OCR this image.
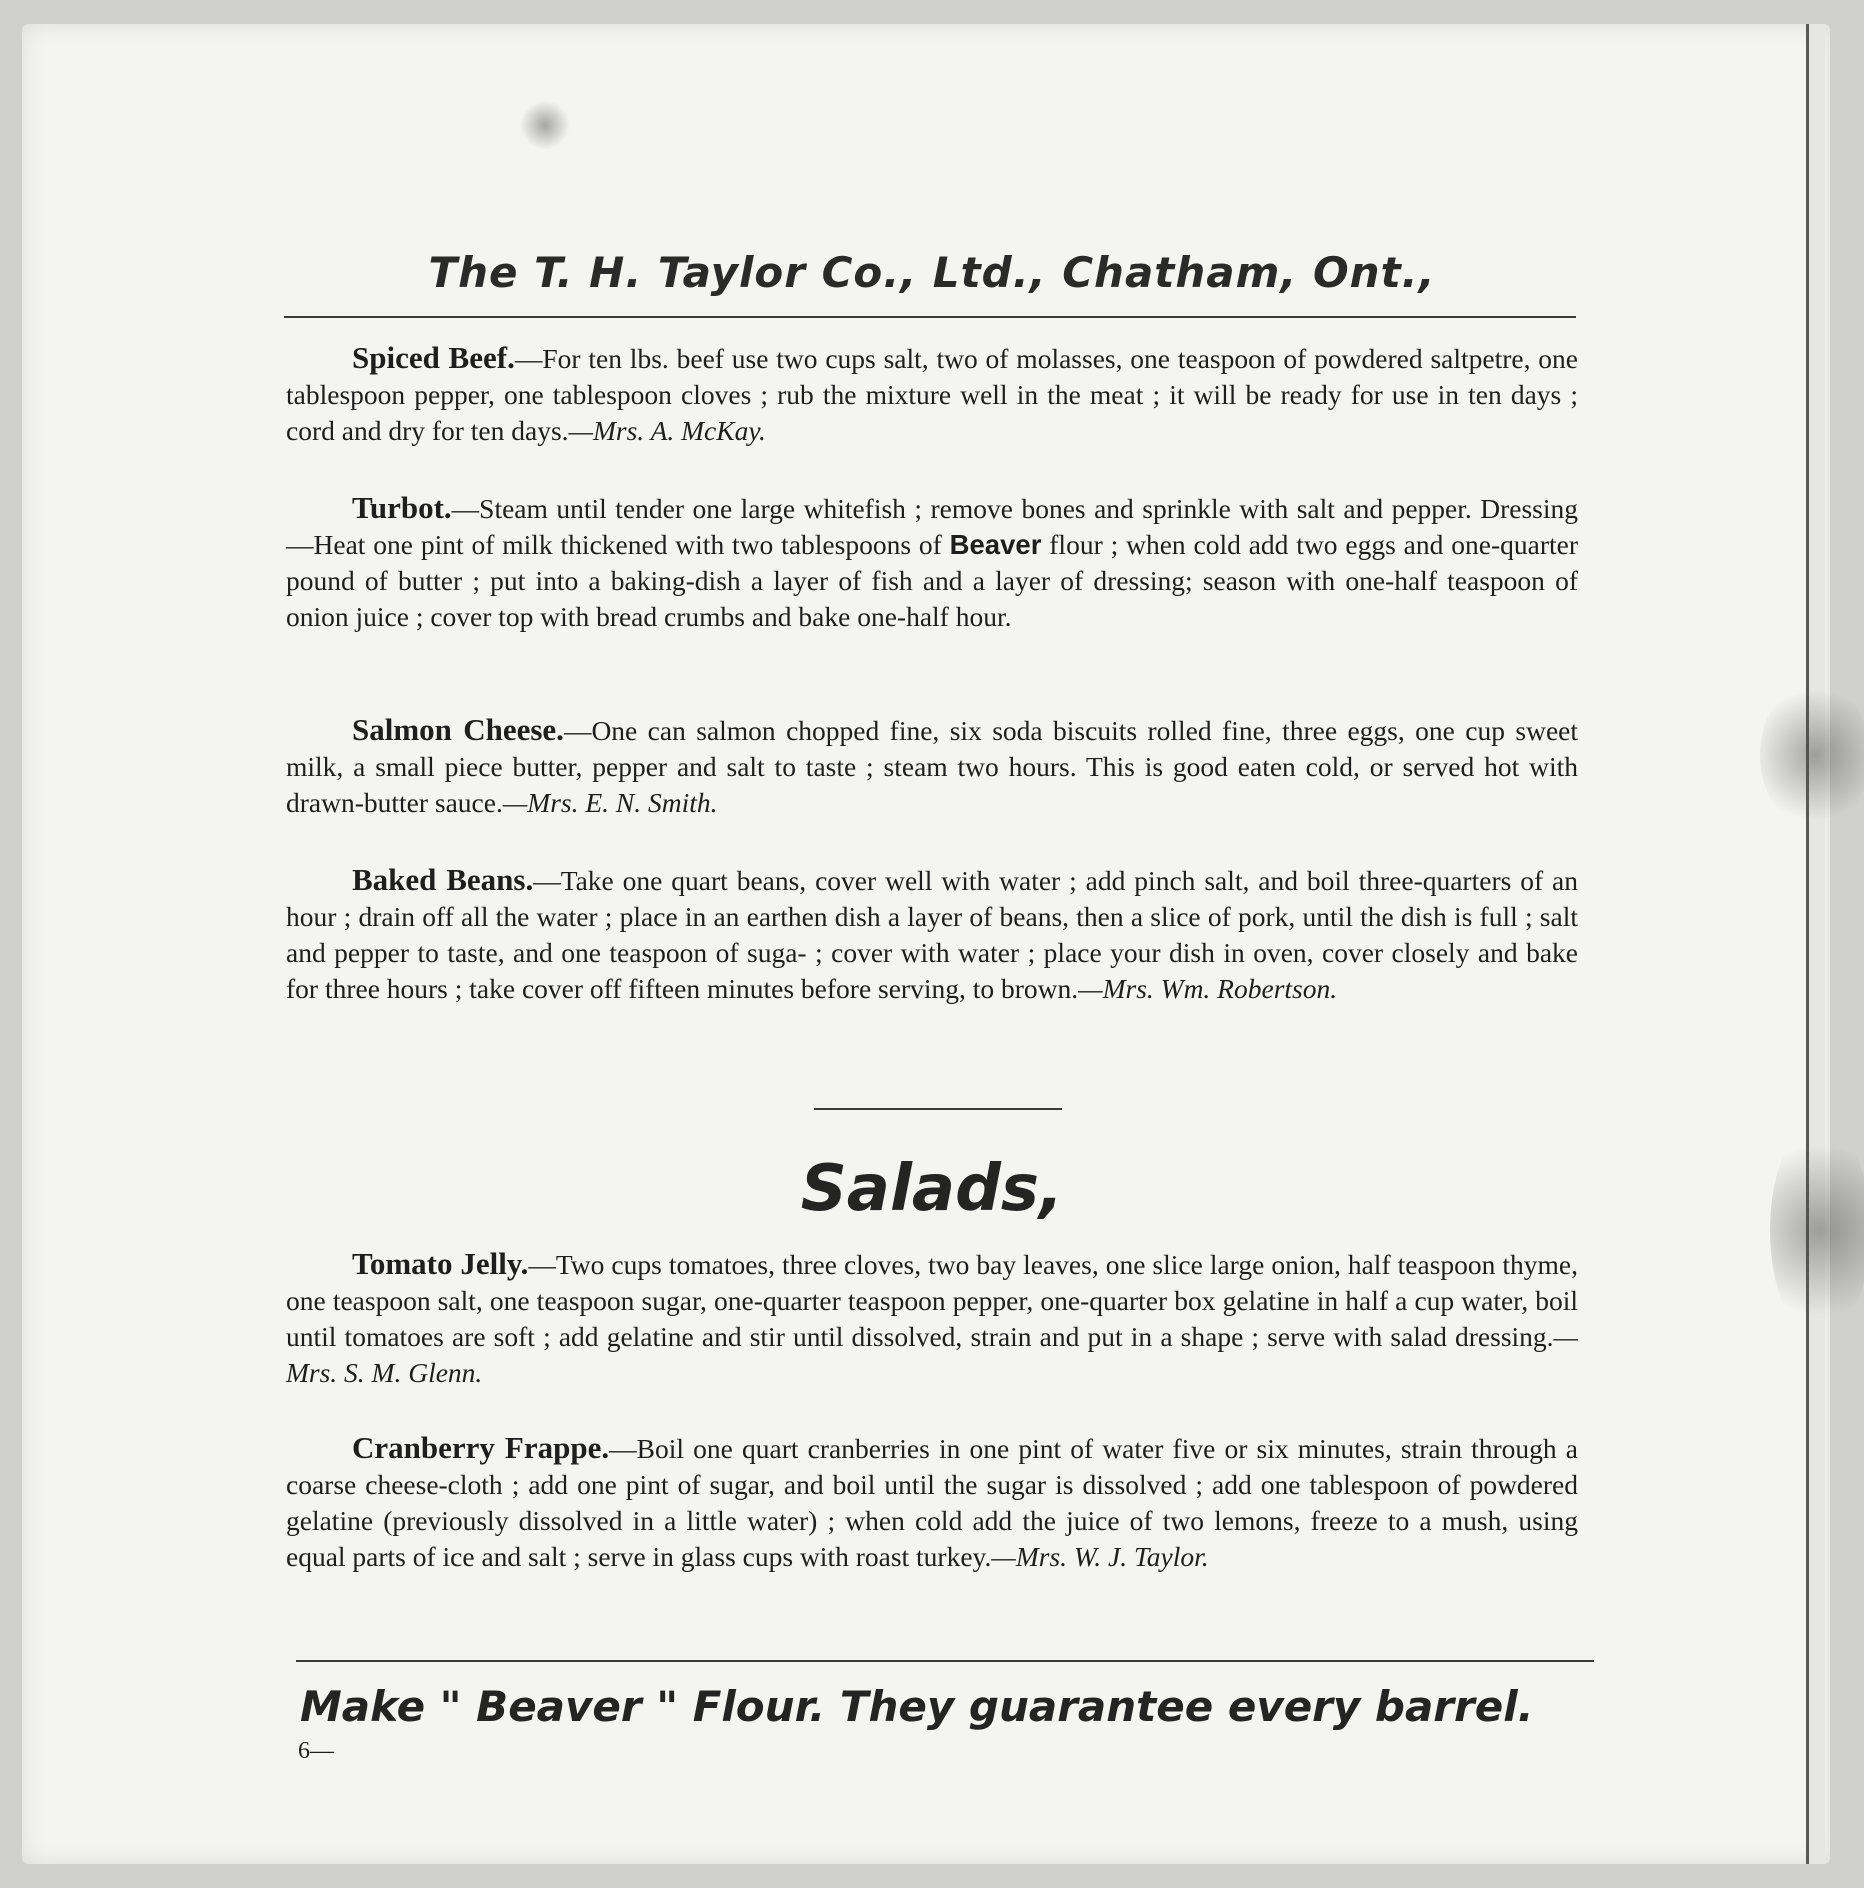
The T. H. Taylor Co., Ltd., Chatham, Ont.,
Spiced Beef.—For ten lbs. beef use two cups salt, two of molasses, one teaspoon of powdered saltpetre, one tablespoon pepper, one tablespoon cloves ; rub the mixture well in the meat ; it will be ready for use in ten days ; cord and dry for ten days.—Mrs. A. McKay.
Turbot.—Steam until tender one large whitefish ; remove bones and sprinkle with salt and pepper. Dressing—Heat one pint of milk thickened with two tablespoons of Beaver flour ; when cold add two eggs and one-quarter pound of butter ; put into a baking-dish a layer of fish and a layer of dressing; season with one-half teaspoon of onion juice ; cover top with bread crumbs and bake one-half hour.
Salmon Cheese.—One can salmon chopped fine, six soda biscuits rolled fine, three eggs, one cup sweet milk, a small piece butter, pepper and salt to taste ; steam two hours. This is good eaten cold, or served hot with drawn-butter sauce.—Mrs. E. N. Smith.
Baked Beans.—Take one quart beans, cover well with water ; add pinch salt, and boil three-quarters of an hour ; drain off all the water ; place in an earthen dish a layer of beans, then a slice of pork, until the dish is full ; salt and pepper to taste, and one teaspoon of suga- ; cover with water ; place your dish in oven, cover closely and bake for three hours ; take cover off fifteen minutes before serving, to brown.—Mrs. Wm. Robertson.
Salads,
Tomato Jelly.—Two cups tomatoes, three cloves, two bay leaves, one slice large onion, half teaspoon thyme, one teaspoon salt, one teaspoon sugar, one-quarter teaspoon pepper, one-quarter box gelatine in half a cup water, boil until tomatoes are soft ; add gelatine and stir until dissolved, strain and put in a shape ; serve with salad dressing.—Mrs. S. M. Glenn.
Cranberry Frappe.—Boil one quart cranberries in one pint of water five or six minutes, strain through a coarse cheese-cloth ; add one pint of sugar, and boil until the sugar is dissolved ; add one tablespoon of powdered gelatine (previously dissolved in a little water) ; when cold add the juice of two lemons, freeze to a mush, using equal parts of ice and salt ; serve in glass cups with roast turkey.—Mrs. W. J. Taylor.
Make " Beaver " Flour. They guarantee every barrel.
6—
